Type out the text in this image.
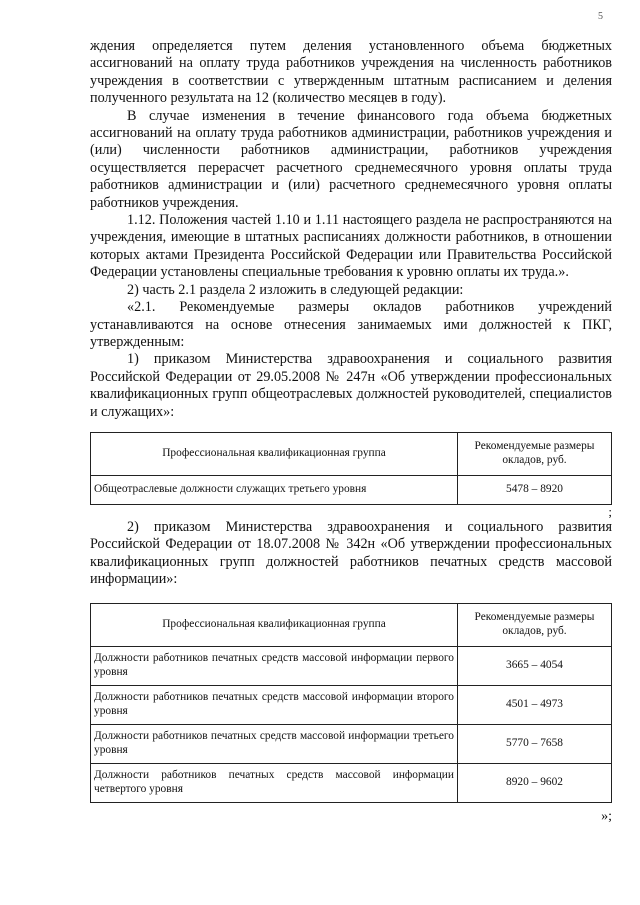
5

ждения определяется путем деления установленного объема бюджетных ассигнований на оплату труда работников учреждения на численность работников учреждения в соответствии с утвержденным штатным расписанием и деления полученного результата на 12 (количество месяцев в году).

В случае изменения в течение финансового года объема бюджетных ассигнований на оплату труда работников администрации, работников учреждения и (или) численности работников администрации, работников учреждения осуществляется перерасчет расчетного среднемесячного уровня оплаты труда работников администрации и (или) расчетного среднемесячного уровня оплаты работников учреждения.

1.12. Положения частей 1.10 и 1.11 настоящего раздела не распространяются на учреждения, имеющие в штатных расписаниях должности работников, в отношении которых актами Президента Российской Федерации или Правительства Российской Федерации установлены специальные требования к уровню оплаты их труда.».

2) часть 2.1 раздела 2 изложить в следующей редакции:

«2.1. Рекомендуемые размеры окладов работников учреждений устанавливаются на основе отнесения занимаемых ими должностей к ПКГ, утвержденным:

1) приказом Министерства здравоохранения и социального развития Российской Федерации от 29.05.2008 № 247н «Об утверждении профессиональных квалификационных групп общеотраслевых должностей руководителей, специалистов и служащих»:

Профессиональная квалификационная группа	Рекомендуемые размеры окладов, руб.
Общеотраслевые должности служащих третьего уровня	5478 – 8920

;

2) приказом Министерства здравоохранения и социального развития Российской Федерации от 18.07.2008 № 342н «Об утверждении профессиональных квалификационных групп должностей работников печатных средств массовой информации»:

Профессиональная квалификационная группа	Рекомендуемые размеры окладов, руб.
Должности работников печатных средств массовой информации первого уровня	3665 – 4054
Должности работников печатных средств массовой информации второго уровня	4501 – 4973
Должности работников печатных средств массовой информации третьего уровня	5770 – 7658
Должности работников печатных средств массовой информации четвертого уровня	8920 – 9602

»;
